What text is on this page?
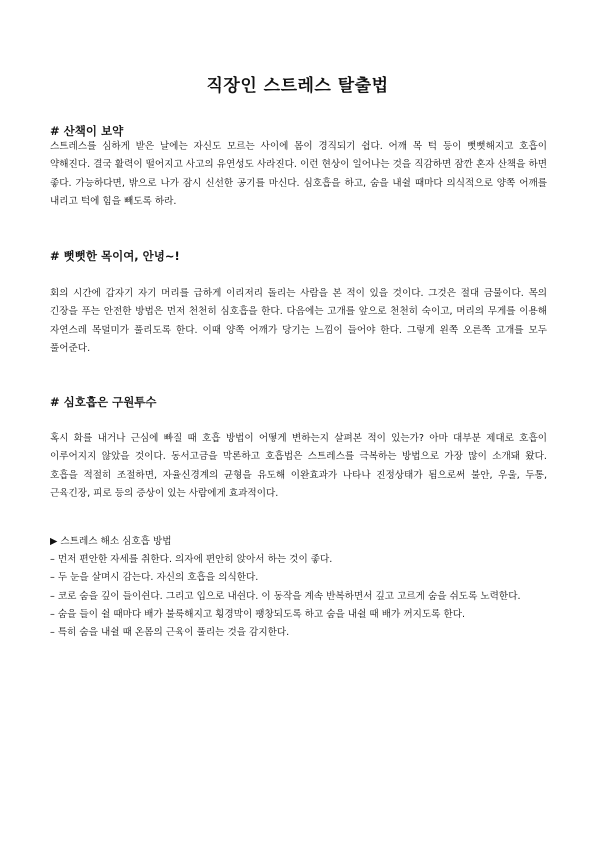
직장인 스트레스 탈출법
# 산책이 보약
스트레스를 심하게 받은 날에는 자신도 모르는 사이에 몸이 경직되기 쉽다. 어깨 목 턱 등이 뻣뻣해지고 호흡이 약해진다. 결국 활력이 떨어지고 사고의 유연성도 사라진다. 이런 현상이 일어나는 것을 직감하면 잠깐 혼자 산책을 하면 좋다. 가능하다면, 밖으로 나가 잠시 신선한 공기를 마신다. 심호흡을 하고, 숨을 내쉴 때마다 의식적으로 양쪽 어깨를 내리고 턱에 힘을 빼도록 하라.
# 뻣뻣한 목이여, 안녕~!
회의 시간에 갑자기 자기 머리를 급하게 이리저리 돌리는 사람을 본 적이 있을 것이다. 그것은 절대 금물이다. 목의 긴장을 푸는 안전한 방법은 먼저 천천히 심호흡을 한다. 다음에는 고개를 앞으로 천천히 숙이고, 머리의 무게를 이용해 자연스레 목덜미가 풀리도록 한다. 이때 양쪽 어깨가 당기는 느낌이 들어야 한다. 그렇게 왼쪽 오른쪽 고개를 모두 풀어준다.
# 심호흡은 구원투수
혹시 화를 내거나 근심에 빠질 때 호흡 방법이 어떻게 변하는지 살펴본 적이 있는가? 아마 대부분 제대로 호흡이 이루어지지 않았을 것이다. 동서고금을 막론하고 호흡법은 스트레스를 극복하는 방법으로 가장 많이 소개돼 왔다. 호흡을 적절히 조절하면, 자율신경계의 균형을 유도해 이완효과가 나타나 진정상태가 됨으로써 불안, 우울, 두통, 근육긴장, 피로 등의 증상이 있는 사람에게 효과적이다.
▶ 스트레스 해소 심호흡 방법
– 먼저 편안한 자세를 취한다. 의자에 편안히 앉아서 하는 것이 좋다.
– 두 눈을 살며시 감는다. 자신의 호흡을 의식한다.
– 코로 숨을 깊이 들이쉰다. 그리고 입으로 내쉰다. 이 동작을 계속 반복하면서 깊고 고르게 숨을 쉬도록 노력한다.
– 숨을 들이 쉴 때마다 배가 불룩해지고 횡경막이 팽창되도록 하고 숨을 내쉴 때 배가 꺼지도록 한다.
– 특히 숨을 내쉴 때 온몸의 근육이 풀리는 것을 감지한다.
